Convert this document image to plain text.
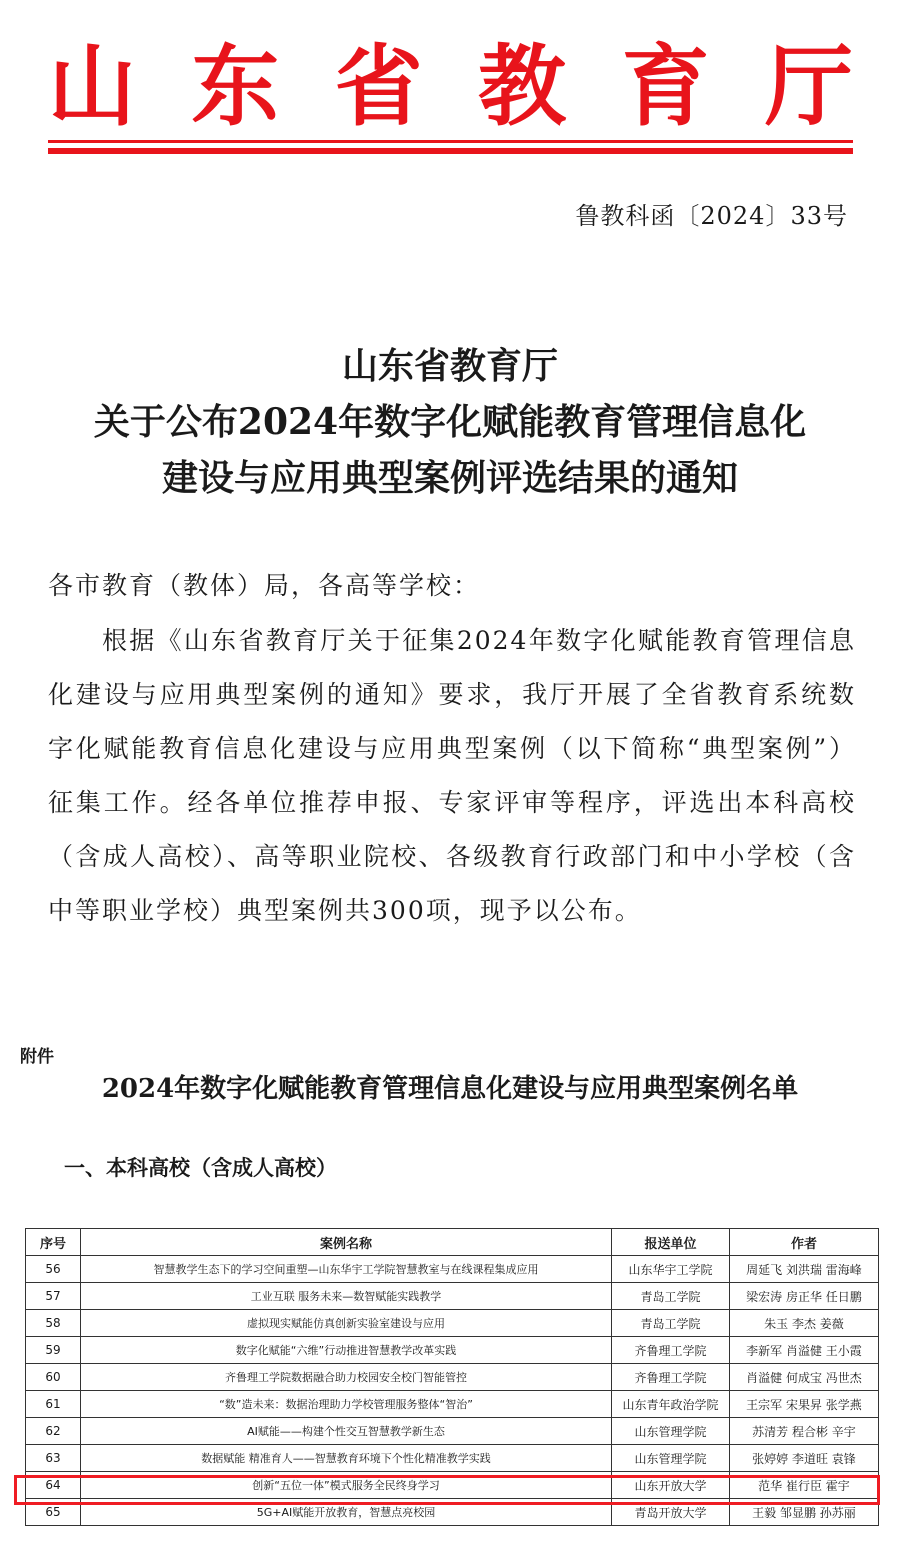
山 东 省 教 育 厅
鲁教科函〔2024〕33号
山东省教育厅
关于公布2024年数字化赋能教育管理信息化
建设与应用典型案例评选结果的通知
各市教育（教体）局，各高等学校：

根据《山东省教育厅关于征集2024年数字化赋能教育管理信息化建设与应用典型案例的通知》要求，我厅开展了全省教育系统数字化赋能教育信息化建设与应用典型案例（以下简称“典型案例”）征集工作。经各单位推荐申报、专家评审等程序，评选出本科高校（含成人高校）、高等职业院校、各级教育行政部门和中小学校（含中等职业学校）典型案例共300项，现予以公布。

附件
2024年数字化赋能教育管理信息化建设与应用典型案例名单
一、本科高校（含成人高校）
序号	案例名称	报送单位	作者
56	智慧教学生态下的学习空间重塑—山东华宇工学院智慧教室与在线课程集成应用	山东华宇工学院	周延飞 刘洪瑞 雷海峰
57	工业互联 服务未来—数智赋能实践教学	青岛工学院	梁宏涛 房正华 任日鹏
58	虚拟现实赋能仿真创新实验室建设与应用	青岛工学院	朱玉 李杰 姜薇
59	数字化赋能“六维”行动推进智慧教学改革实践	齐鲁理工学院	李新军 肖溢健 王小霞
60	齐鲁理工学院数据融合助力校园安全校门智能管控	齐鲁理工学院	肖溢健 何成宝 冯世杰
61	“数”造未来：数据治理助力学校管理服务整体“智治”	山东青年政治学院	王宗军 宋果昇 张学燕
62	AI赋能——构建个性交互智慧教学新生态	山东管理学院	苏清芳 程合彬 辛宇
63	数据赋能 精准育人——智慧教育环境下个性化精准教学实践	山东管理学院	张婷婷 李道旺 袁锋
64	创新“五位一体”模式服务全民终身学习	山东开放大学	范华 崔行臣 霍宇
65	5G+AI赋能开放教育，智慧点亮校园	青岛开放大学	王毅 邹显鹏 孙苏丽
